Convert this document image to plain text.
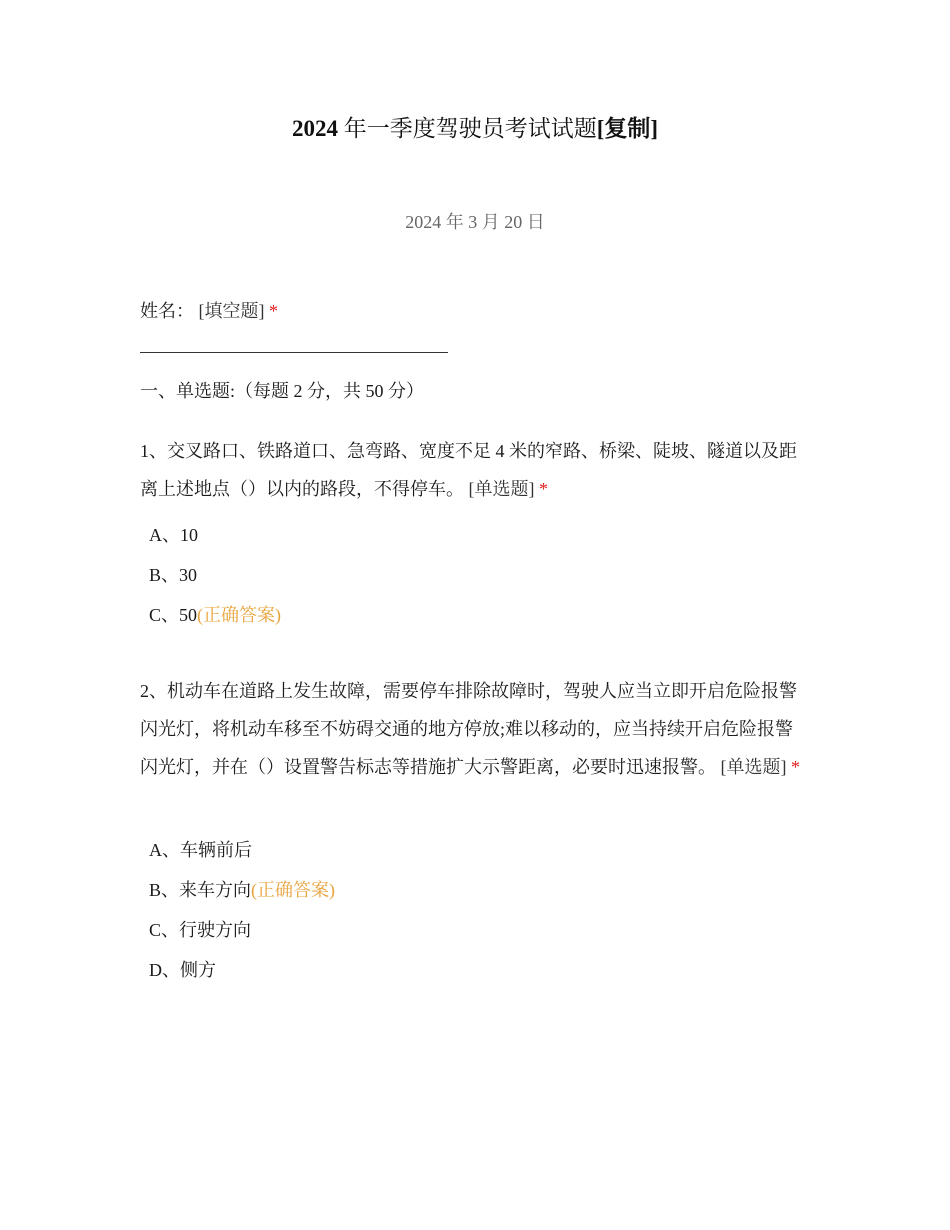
2024 年一季度驾驶员考试试题[复制]
2024 年 3 月 20 日
姓名： [填空题] *
一、单选题:（每题 2 分，共 50 分）
1、交叉路口、铁路道口、急弯路、宽度不足 4 米的窄路、桥梁、陡坡、隧道以及距离上述地点（）以内的路段，不得停车。 [单选题] *
A、10
B、30
C、50(正确答案)
2、机动车在道路上发生故障，需要停车排除故障时，驾驶人应当立即开启危险报警闪光灯，将机动车移至不妨碍交通的地方停放;难以移动的，应当持续开启危险报警闪光灯，并在（）设置警告标志等措施扩大示警距离，必要时迅速报警。 [单选题] *
A、车辆前后
B、来车方向(正确答案)
C、行驶方向
D、侧方
